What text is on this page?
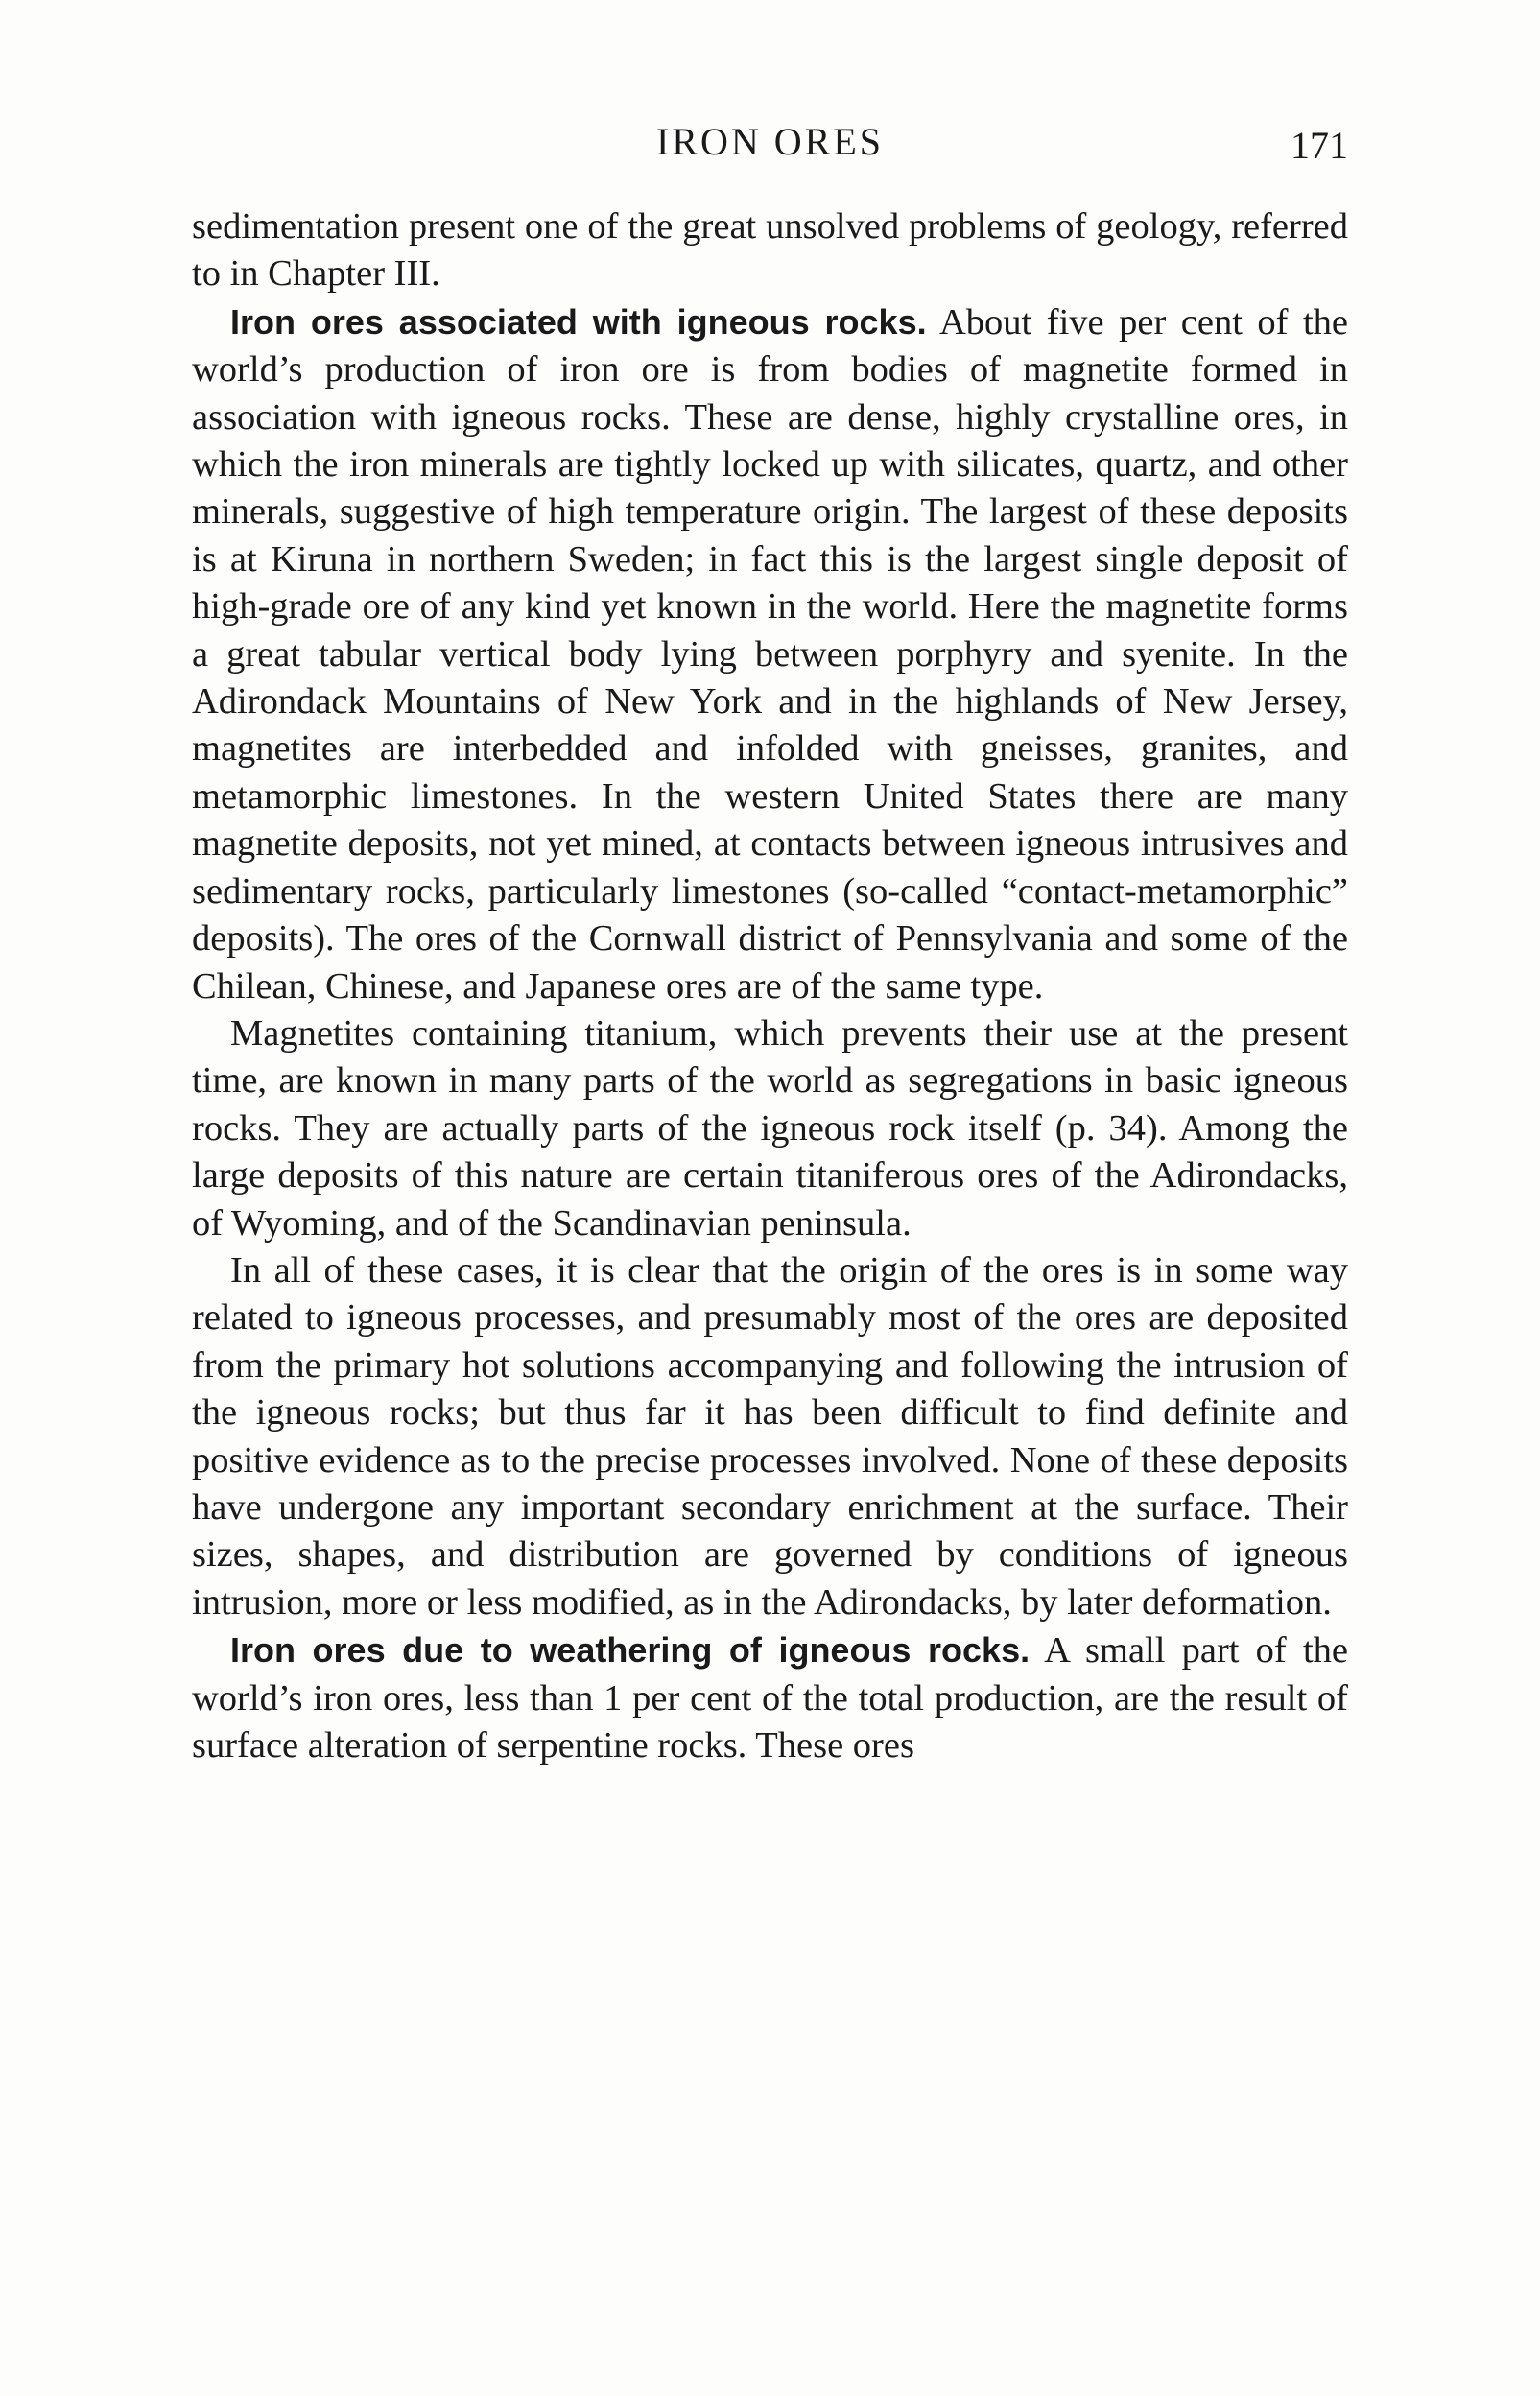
IRON ORES	171

sedimentation present one of the great unsolved problems of geology, referred to in Chapter III.

Iron ores associated with igneous rocks. About five per cent of the world’s production of iron ore is from bodies of magnetite formed in association with igneous rocks. These are dense, highly crystalline ores, in which the iron minerals are tightly locked up with silicates, quartz, and other minerals, suggestive of high temperature origin. The largest of these deposits is at Kiruna in northern Sweden; in fact this is the largest single deposit of high-grade ore of any kind yet known in the world. Here the magnetite forms a great tabular vertical body lying between porphyry and syenite. In the Adirondack Mountains of New York and in the highlands of New Jersey, magnetites are interbedded and infolded with gneisses, granites, and metamorphic limestones. In the western United States there are many magnetite deposits, not yet mined, at contacts between igneous intrusives and sedimentary rocks, particularly limestones (so-called “contact-metamorphic” deposits). The ores of the Cornwall district of Pennsylvania and some of the Chilean, Chinese, and Japanese ores are of the same type.

Magnetites containing titanium, which prevents their use at the present time, are known in many parts of the world as segregations in basic igneous rocks. They are actually parts of the igneous rock itself (p. 34). Among the large deposits of this nature are certain titaniferous ores of the Adirondacks, of Wyoming, and of the Scandinavian peninsula.

In all of these cases, it is clear that the origin of the ores is in some way related to igneous processes, and presumably most of the ores are deposited from the primary hot solutions accompanying and following the intrusion of the igneous rocks; but thus far it has been difficult to find definite and positive evidence as to the precise processes involved. None of these deposits have undergone any important secondary enrichment at the surface. Their sizes, shapes, and distribution are governed by conditions of igneous intrusion, more or less modified, as in the Adirondacks, by later deformation.

Iron ores due to weathering of igneous rocks. A small part of the world’s iron ores, less than 1 per cent of the total production, are the result of surface alteration of serpentine rocks. These ores
